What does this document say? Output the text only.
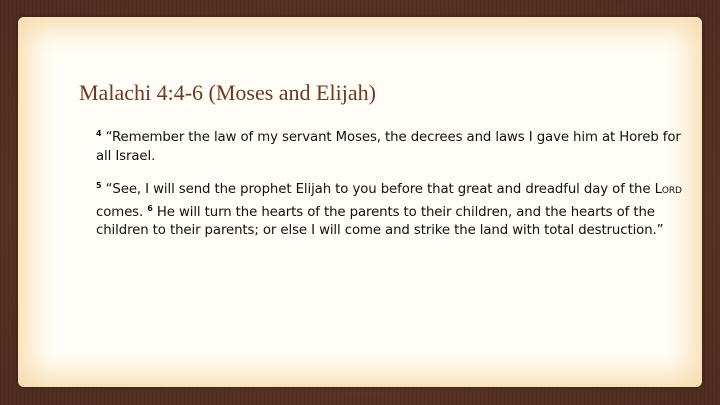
Malachi 4:4-6 (Moses and Elijah)

$^4$ “Remember the law of my servant Moses, the decrees and laws I gave him at Horeb for all Israel.

$^5$ “See, I will send the prophet Elijah to you before that great and dreadful day of the Lord comes. $^6$ He will turn the hearts of the parents to their children, and the hearts of the children to their parents; or else I will come and strike the land with total destruction.”
